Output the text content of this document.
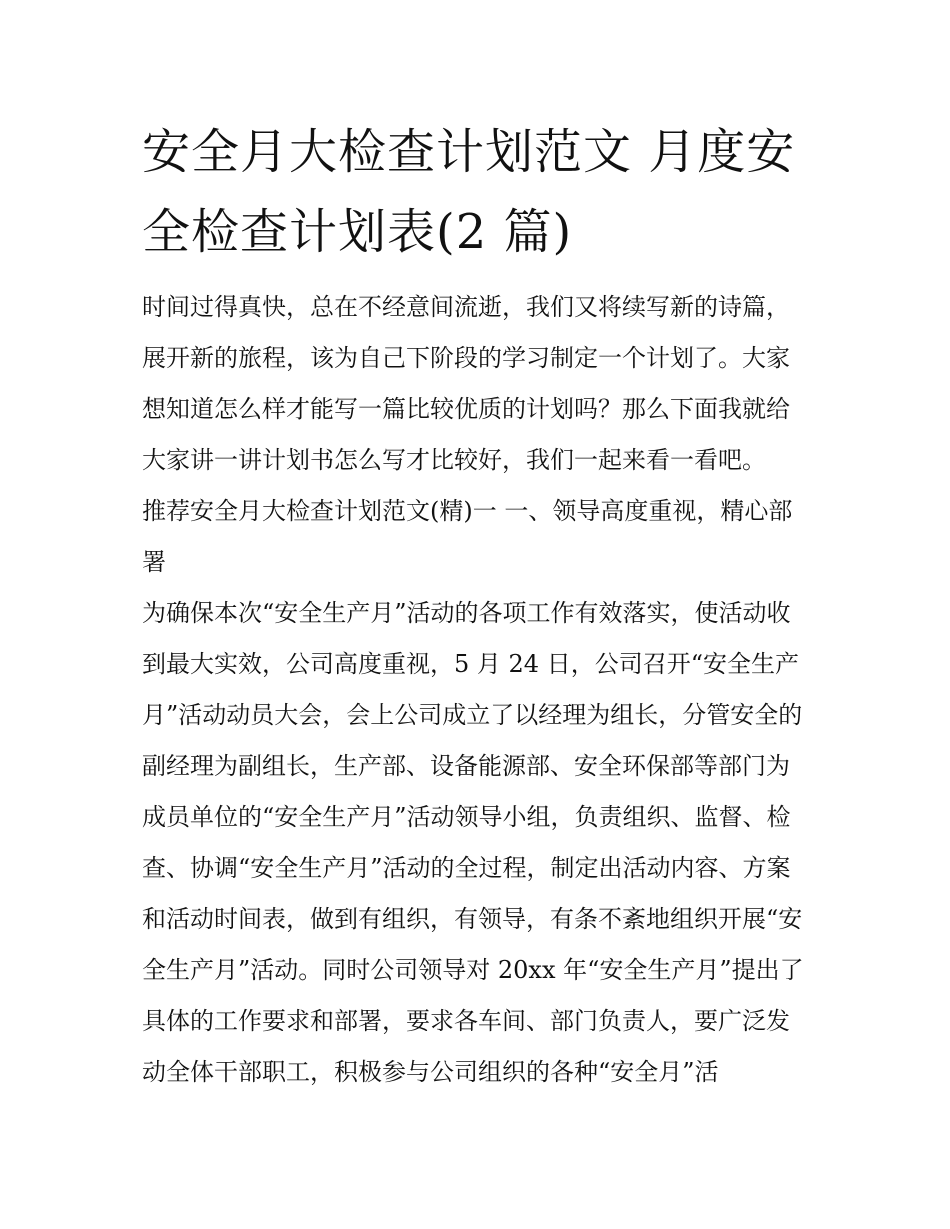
安全月大检查计划范文 月度安
全检查计划表(2 篇)

时间过得真快，总在不经意间流逝，我们又将续写新的诗篇，展开新的旅程，该为自己下阶段的学习制定一个计划了。大家想知道怎么样才能写一篇比较优质的计划吗？那么下面我就给大家讲一讲计划书怎么写才比较好，我们一起来看一看吧。

推荐安全月大检查计划范文(精)一 一、领导高度重视，精心部署

为确保本次“安全生产月”活动的各项工作有效落实，使活动收到最大实效，公司高度重视，5 月 24 日，公司召开“安全生产月”活动动员大会，会上公司成立了以经理为组长，分管安全的副经理为副组长，生产部、设备能源部、安全环保部等部门为成员单位的“安全生产月”活动领导小组，负责组织、监督、检查、协调“安全生产月”活动的全过程，制定出活动内容、方案和活动时间表，做到有组织，有领导，有条不紊地组织开展“安全生产月”活动。同时公司领导对 20xx 年“安全生产月”提出了具体的工作要求和部署，要求各车间、部门负责人，要广泛发动全体干部职工，积极参与公司组织的各种“安全月”活
